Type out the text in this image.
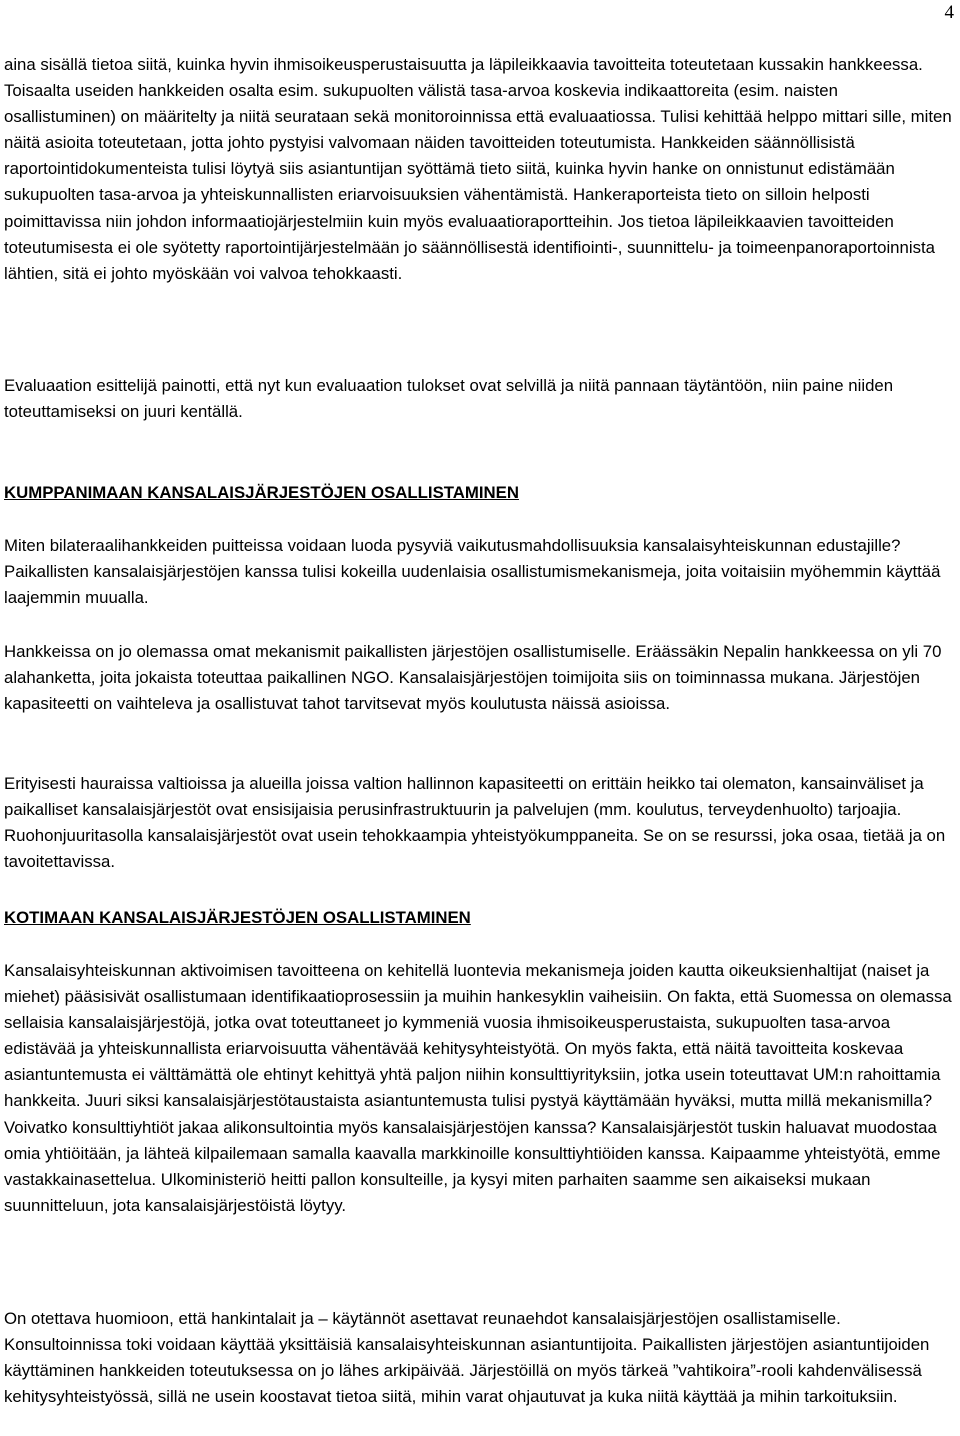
4

aina sisällä tietoa siitä, kuinka hyvin ihmisoikeusperustaisuutta ja läpileikkaavia tavoitteita toteutetaan kussakin hankkeessa. Toisaalta useiden hankkeiden osalta esim. sukupuolten välistä tasa-arvoa koskevia indikaattoreita (esim. naisten osallistuminen) on määritelty ja niitä seurataan sekä monitoroinnissa että evaluaatiossa. Tulisi kehittää helppo mittari sille, miten näitä asioita toteutetaan, jotta johto pystyisi valvomaan näiden tavoitteiden toteutumista. Hankkeiden säännöllisistä raportointidokumenteista tulisi löytyä siis asiantuntijan syöttämä tieto siitä, kuinka hyvin hanke on onnistunut edistämään sukupuolten tasa-arvoa ja yhteiskunnallisten eriarvoisuuksien vähentämistä. Hankeraporteista tieto on silloin helposti poimittavissa niin johdon informaatiojärjestelmiin kuin myös evaluaatioraportteihin. Jos tietoa läpileikkaavien tavoitteiden toteutumisesta ei ole syötetty raportointijärjestelmään jo säännöllisestä identifiointi-, suunnittelu- ja toimeenpanoraportoinnista lähtien, sitä ei johto myöskään voi valvoa tehokkaasti.

Evaluaation esittelijä painotti, että nyt kun evaluaation tulokset ovat selvillä ja niitä pannaan täytäntöön, niin paine niiden toteuttamiseksi on juuri kentällä.

KUMPPANIMAAN KANSALAISJÄRJESTÖJEN OSALLISTAMINEN

Miten bilateraalihankkeiden puitteissa voidaan luoda pysyviä vaikutusmahdollisuuksia kansalaisyhteiskunnan edustajille? Paikallisten kansalaisjärjestöjen kanssa tulisi kokeilla uudenlaisia osallistumismekanismeja, joita voitaisiin myöhemmin käyttää laajemmin muualla.

Hankkeissa on jo olemassa omat mekanismit paikallisten järjestöjen osallistumiselle. Eräässäkin Nepalin hankkeessa on yli 70 alahanketta, joita jokaista toteuttaa paikallinen NGO. Kansalaisjärjestöjen toimijoita siis on toiminnassa mukana. Järjestöjen kapasiteetti on vaihteleva ja osallistuvat tahot tarvitsevat myös koulutusta näissä asioissa.

Erityisesti hauraissa valtioissa ja alueilla joissa valtion hallinnon kapasiteetti on erittäin heikko tai olematon, kansainväliset ja paikalliset kansalaisjärjestöt ovat ensisijaisia perusinfrastruktuurin ja palvelujen (mm. koulutus, terveydenhuolto) tarjoajia. Ruohonjuuritasolla kansalaisjärjestöt ovat usein tehokkaampia yhteistyökumppaneita. Se on se resurssi, joka osaa, tietää ja on tavoitettavissa.

KOTIMAAN KANSALAISJÄRJESTÖJEN OSALLISTAMINEN

Kansalaisyhteiskunnan aktivoimisen tavoitteena on kehitellä luontevia mekanismeja joiden kautta oikeuksienhaltijat (naiset ja miehet) pääsisivät osallistumaan identifikaatioprosessiin ja muihin hankesyklin vaiheisiin. On fakta, että Suomessa on olemassa sellaisia kansalaisjärjestöjä, jotka ovat toteuttaneet jo kymmeniä vuosia ihmisoikeusperustaista, sukupuolten tasa-arvoa edistävää ja yhteiskunnallista eriarvoisuutta vähentävää kehitysyhteistyötä. On myös fakta, että näitä tavoitteita koskevaa asiantuntemusta ei välttämättä ole ehtinyt kehittyä yhtä paljon niihin konsulttiyrityksiin, jotka usein toteuttavat UM:n rahoittamia hankkeita. Juuri siksi kansalaisjärjestötaustaista asiantuntemusta tulisi pystyä käyttämään hyväksi, mutta millä mekanismilla? Voivatko konsulttiyhtiöt jakaa alikonsultointia myös kansalaisjärjestöjen kanssa? Kansalaisjärjestöt tuskin haluavat muodostaa omia yhtiöitään, ja lähteä kilpailemaan samalla kaavalla markkinoille konsulttiyhtiöiden kanssa. Kaipaamme yhteistyötä, emme vastakkainasettelua. Ulkoministeriö heitti pallon konsulteille, ja kysyi miten parhaiten saamme sen aikaiseksi mukaan suunnitteluun, jota kansalaisjärjestöistä löytyy.

On otettava huomioon, että hankintalait ja – käytännöt asettavat reunaehdot kansalaisjärjestöjen osallistamiselle. Konsultoinnissa toki voidaan käyttää yksittäisiä kansalaisyhteiskunnan asiantuntijoita. Paikallisten järjestöjen asiantuntijoiden käyttäminen hankkeiden toteutuksessa on jo lähes arkipäivää. Järjestöillä on myös tärkeä ”vahtikoira”-rooli kahdenvälisessä kehitysyhteistyössä, sillä ne usein koostavat tietoa siitä, mihin varat ohjautuvat ja kuka niitä käyttää ja mihin tarkoituksiin.
